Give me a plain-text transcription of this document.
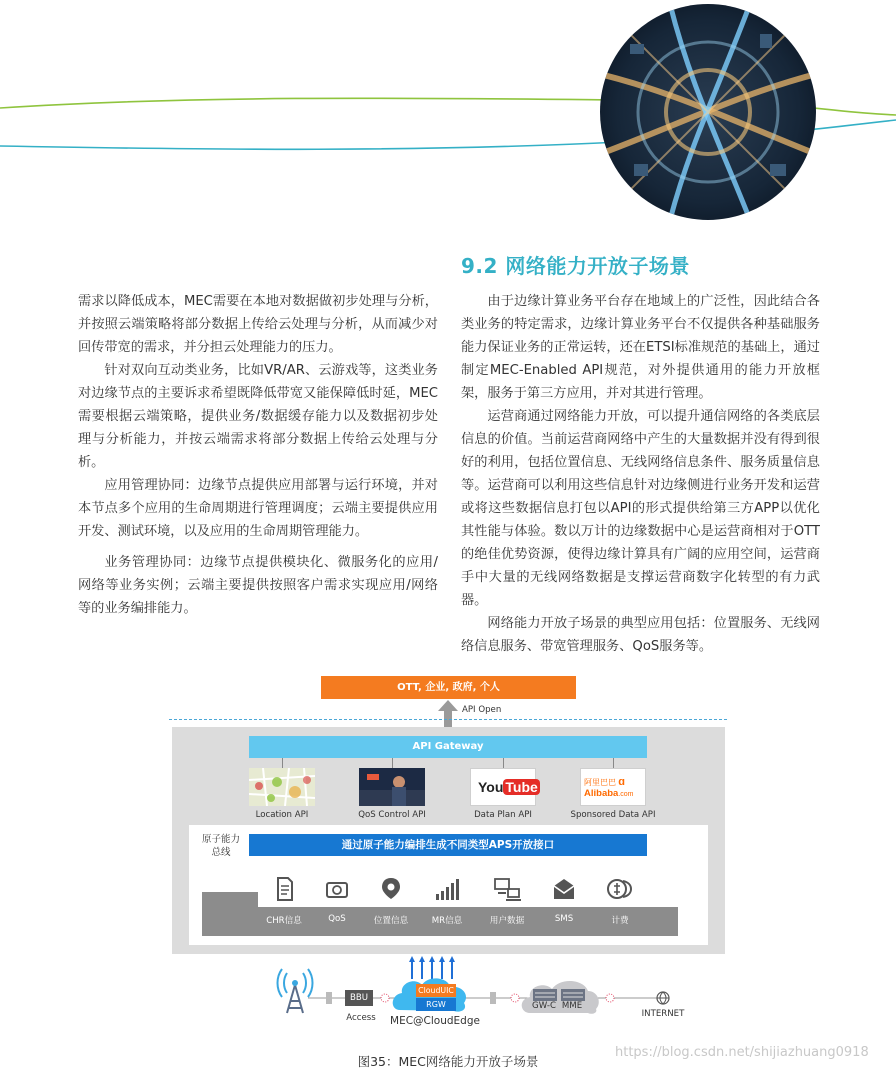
9.2 网络能力开放子场景

需求以降低成本，MEC需要在本地对数据做初步处理与分析，并按照云端策略将部分数据上传给云处理与分析，从而减少对回传带宽的需求，并分担云处理能力的压力。

针对双向互动类业务，比如VR/AR、云游戏等，这类业务对边缘节点的主要诉求希望既降低带宽又能保障低时延，MEC需要根据云端策略，提供业务/数据缓存能力以及数据初步处理与分析能力，并按云端需求将部分数据上传给云处理与分析。

应用管理协同：边缘节点提供应用部署与运行环境，并对本节点多个应用的生命周期进行管理调度；云端主要提供应用开发、测试环境，以及应用的生命周期管理能力。

业务管理协同：边缘节点提供模块化、微服务化的应用/网络等业务实例；云端主要提供按照客户需求实现应用/网络等的业务编排能力。

由于边缘计算业务平台存在地域上的广泛性，因此结合各类业务的特定需求，边缘计算业务平台不仅提供各种基础服务能力保证业务的正常运转，还在ETSI标准规范的基础上，通过制定MEC-Enabled API规范，对外提供通用的能力开放框架，服务于第三方应用，并对其进行管理。

运营商通过网络能力开放，可以提升通信网络的各类底层信息的价值。当前运营商网络中产生的大量数据并没有得到很好的利用，包括位置信息、无线网络信息条件、服务质量信息等。运营商可以利用这些信息针对边缘侧进行业务开发和运营或将这些数据信息打包以API的形式提供给第三方APP以优化其性能与体验。数以万计的边缘数据中心是运营商相对于OTT的绝佳优势资源，使得边缘计算具有广阔的应用空间，运营商手中大量的无线网络数据是支撑运营商数字化转型的有力武器。

网络能力开放子场景的典型应用包括：位置服务、无线网络信息服务、带宽管理服务、QoS服务等。

OTT, 企业, 政府, 个人
API Open
API Gateway
You Tube	阿里巴巴 ɑ
Alibaba.com
Location API	QoS Control API	Data Plan API	Sponsored Data API
原子能力总线
通过原子能力编排生成不同类型APS开放接口
CHR信息	QoS	位置信息	MR信息	用户数据	SMS	计费
BBU
Access
CloudUIC
RGW
MEC@CloudEdge
GW-C MME
INTERNET
图35：MEC网络能力开放子场景
https://blog.csdn.net/shijiazhuang0918
